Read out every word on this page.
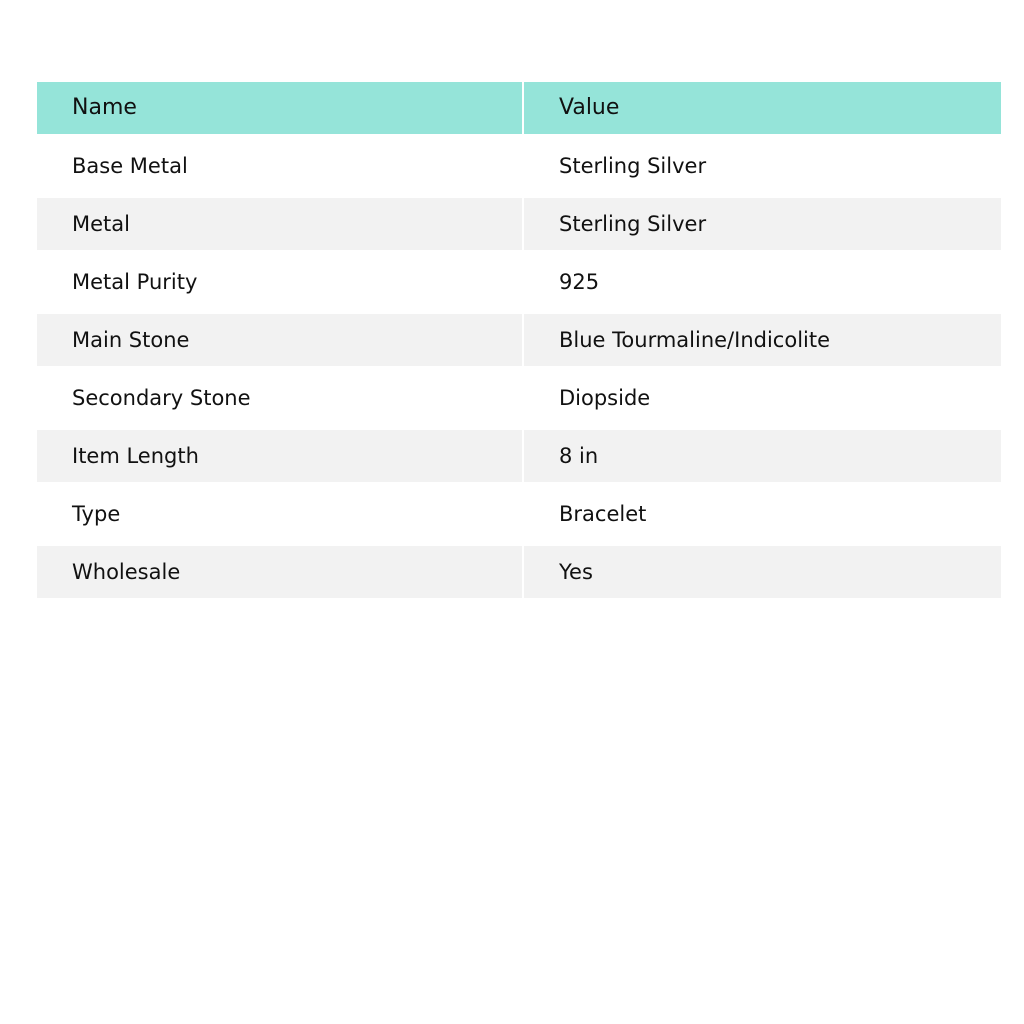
Name	Value
Base Metal	Sterling Silver
Metal	Sterling Silver
Metal Purity	925
Main Stone	Blue Tourmaline/Indicolite
Secondary Stone	Diopside
Item Length	8 in
Type	Bracelet
Wholesale	Yes
